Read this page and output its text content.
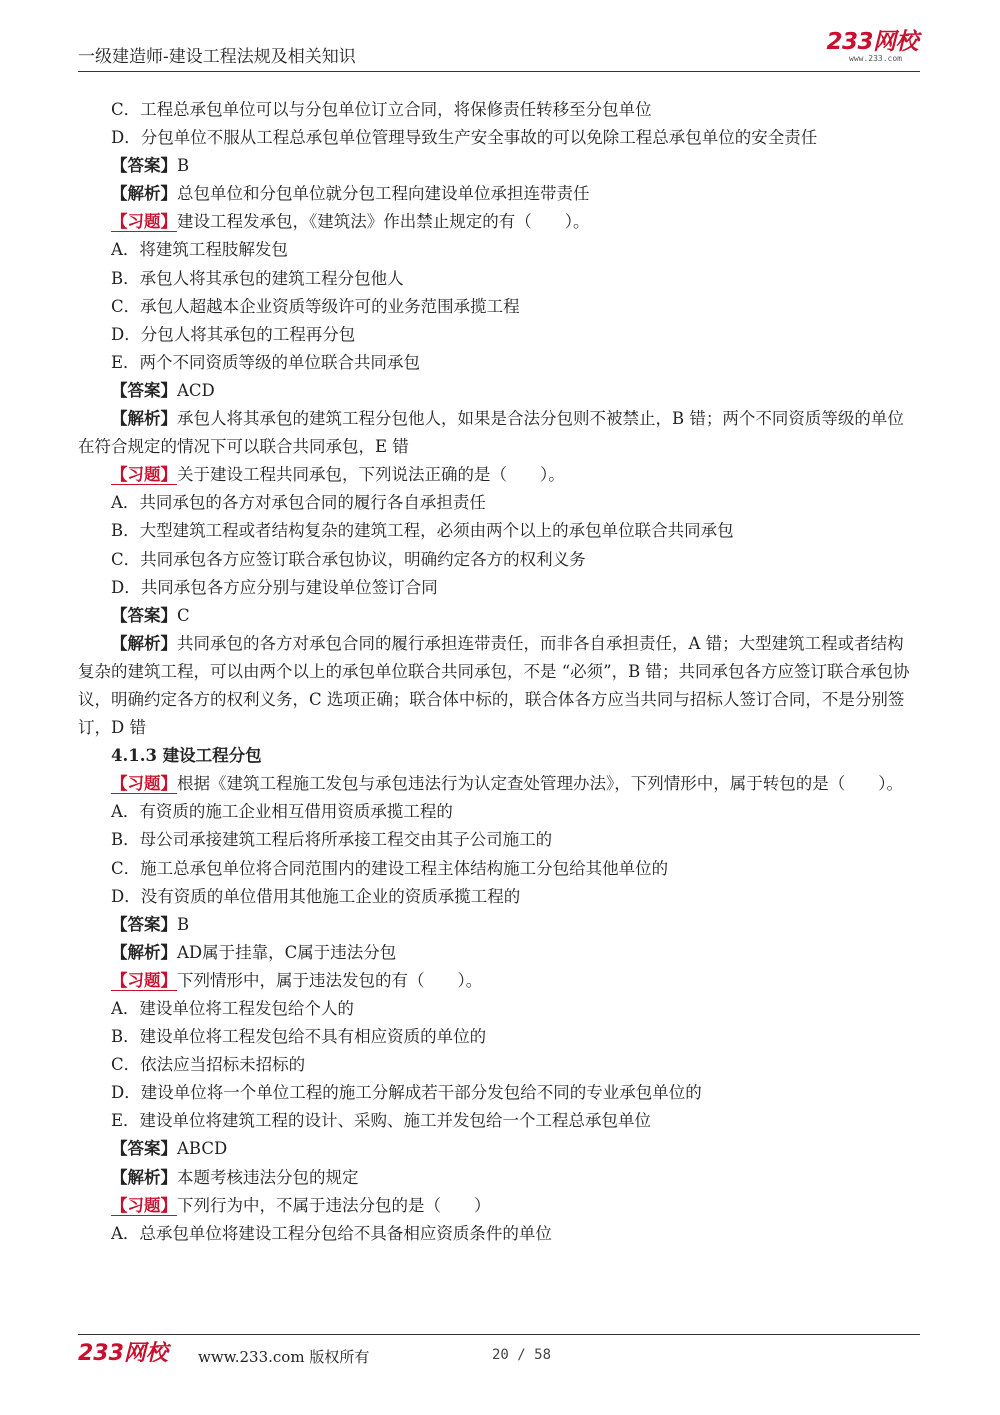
一级建造师-建设工程法规及相关知识
233网校
www.233.com
C．工程总承包单位可以与分包单位订立合同，将保修责任转移至分包单位
D．分包单位不服从工程总承包单位管理导致生产安全事故的可以免除工程总承包单位的安全责任
【答案】B
【解析】总包单位和分包单位就分包工程向建设单位承担连带责任
【习题】建设工程发承包，《建筑法》作出禁止规定的有（　　）。
A．将建筑工程肢解发包
B．承包人将其承包的建筑工程分包他人
C．承包人超越本企业资质等级许可的业务范围承揽工程
D．分包人将其承包的工程再分包
E．两个不同资质等级的单位联合共同承包
【答案】ACD
【解析】承包人将其承包的建筑工程分包他人，如果是合法分包则不被禁止，B 错；两个不同资质等级的单位在符合规定的情况下可以联合共同承包，E 错
【习题】关于建设工程共同承包，下列说法正确的是（　　）。
A．共同承包的各方对承包合同的履行各自承担责任
B．大型建筑工程或者结构复杂的建筑工程，必须由两个以上的承包单位联合共同承包
C．共同承包各方应签订联合承包协议，明确约定各方的权利义务
D．共同承包各方应分别与建设单位签订合同
【答案】C
【解析】共同承包的各方对承包合同的履行承担连带责任，而非各自承担责任，A 错；大型建筑工程或者结构复杂的建筑工程，可以由两个以上的承包单位联合共同承包，不是 “必须”，B 错；共同承包各方应签订联合承包协议，明确约定各方的权利义务，C 选项正确；联合体中标的，联合体各方应当共同与招标人签订合同，不是分别签订，D 错
4.1.3 建设工程分包
【习题】根据《建筑工程施工发包与承包违法行为认定查处管理办法》，下列情形中，属于转包的是（　　）。
A．有资质的施工企业相互借用资质承揽工程的
B．母公司承接建筑工程后将所承接工程交由其子公司施工的
C．施工总承包单位将合同范围内的建设工程主体结构施工分包给其他单位的
D．没有资质的单位借用其他施工企业的资质承揽工程的
【答案】B
【解析】AD属于挂靠，C属于违法分包
【习题】下列情形中，属于违法发包的有（　　）。
A．建设单位将工程发包给个人的
B．建设单位将工程发包给不具有相应资质的单位的
C．依法应当招标未招标的
D．建设单位将一个单位工程的施工分解成若干部分发包给不同的专业承包单位的
E．建设单位将建筑工程的设计、采购、施工并发包给一个工程总承包单位
【答案】ABCD
【解析】本题考核违法分包的规定
【习题】下列行为中，不属于违法分包的是（　　）
A．总承包单位将建设工程分包给不具备相应资质条件的单位
233网校 www.233.com 版权所有	20 / 58
